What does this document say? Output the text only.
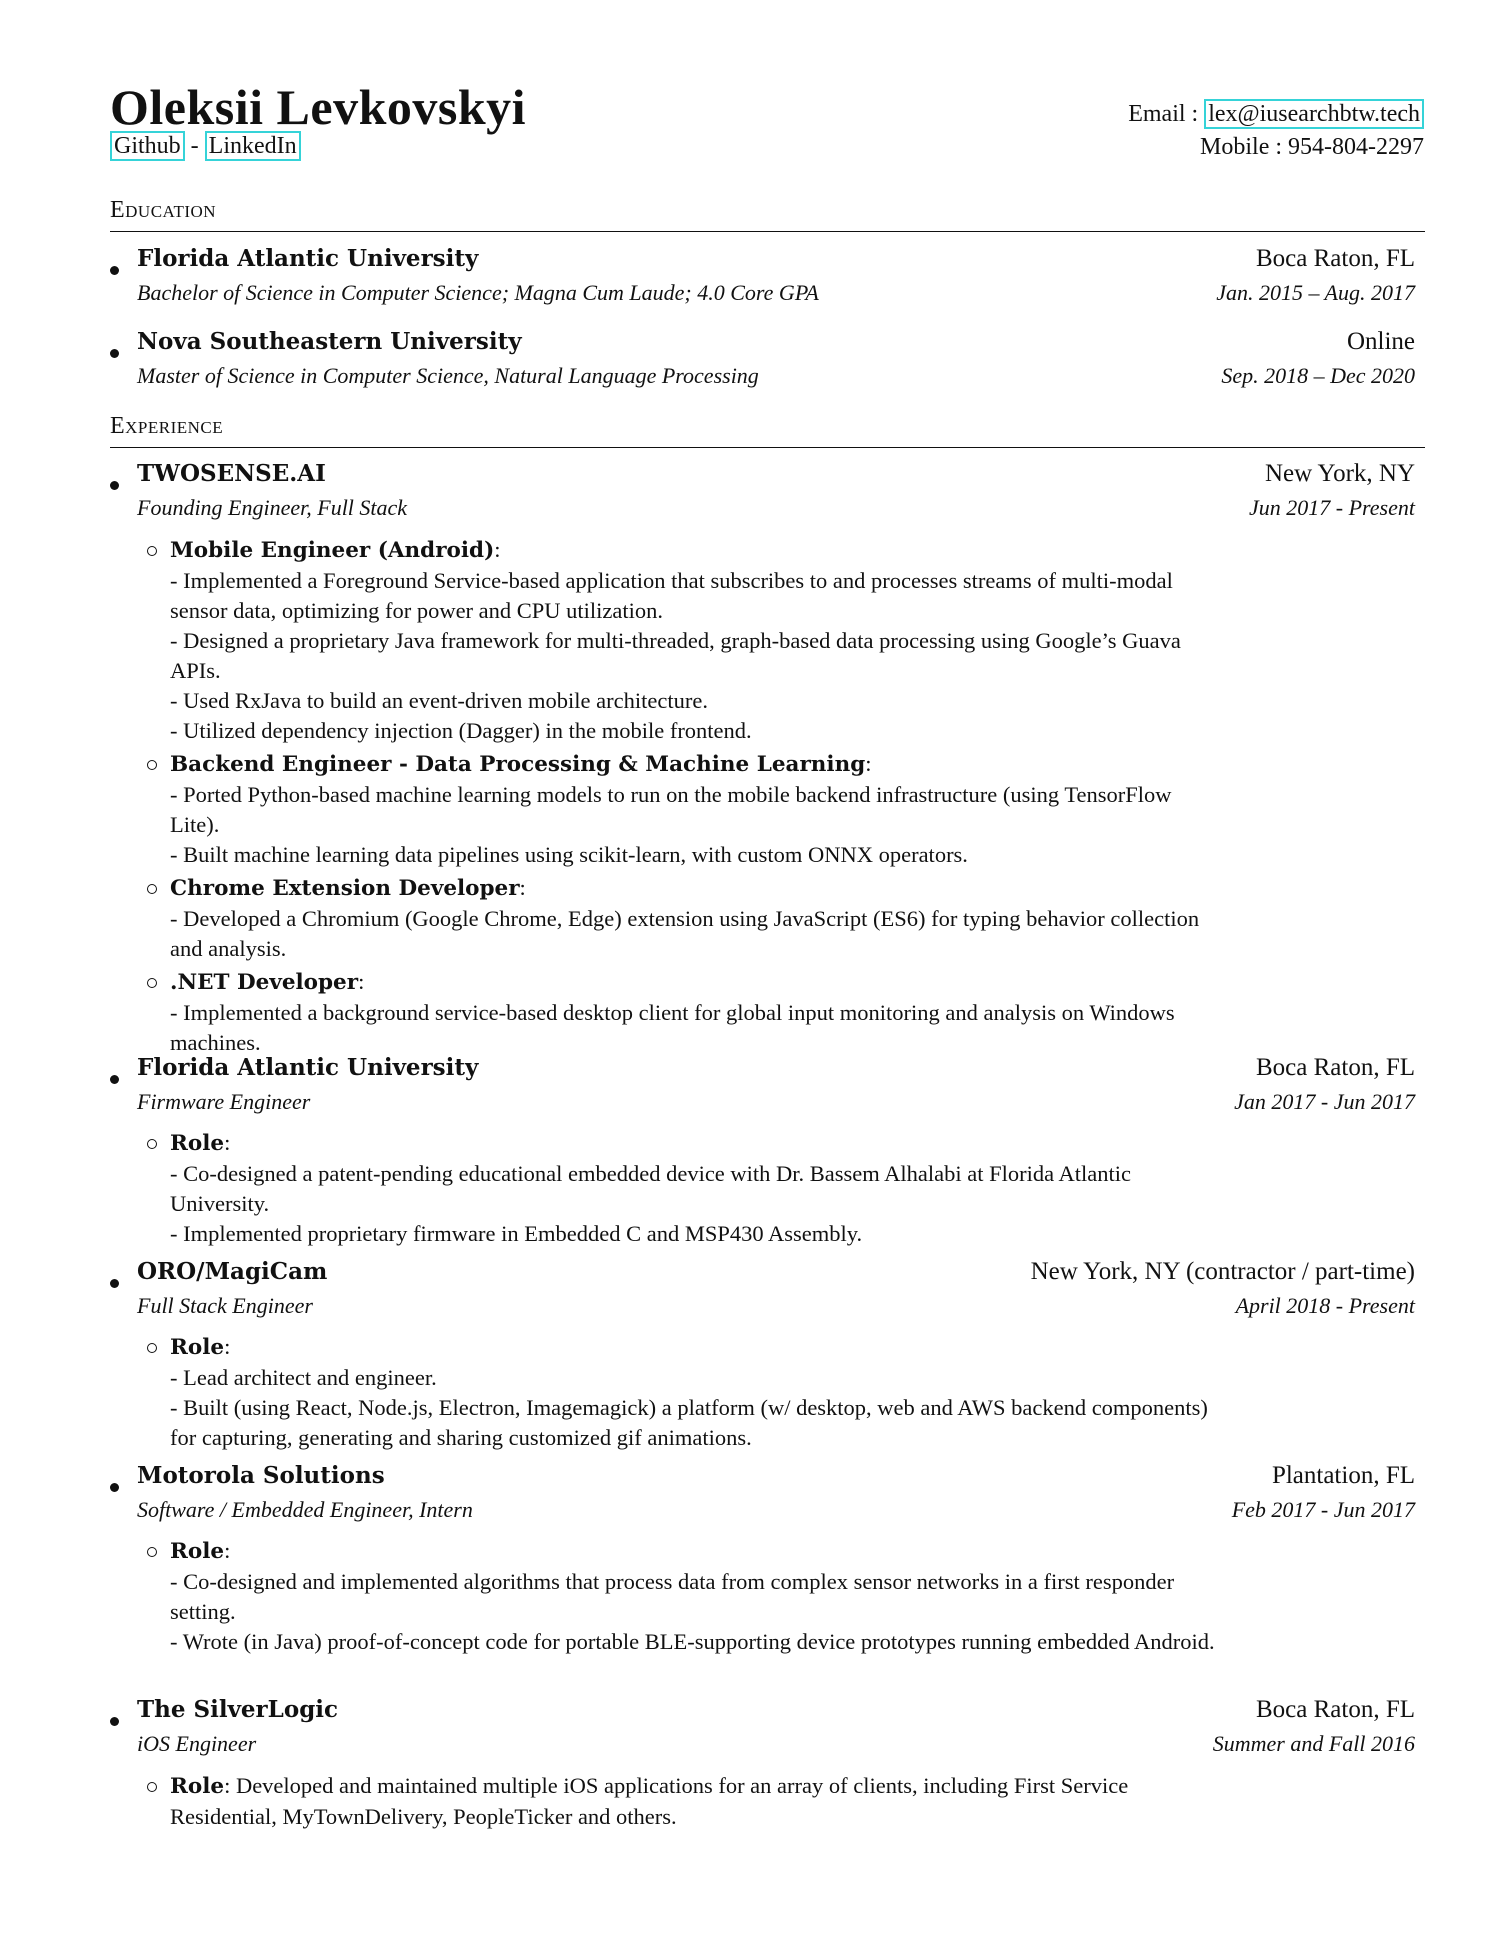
Oleksii Levkovskyi
Github - LinkedIn
Email : lex@iusearchbtw.tech
Mobile : 954-804-2297
Education
Florida Atlantic University	Boca Raton, FL
Bachelor of Science in Computer Science; Magna Cum Laude; 4.0 Core GPA	Jan. 2015 – Aug. 2017
Nova Southeastern University	Online
Master of Science in Computer Science, Natural Language Processing	Sep. 2018 – Dec 2020
Experience
TWOSENSE.AI	New York, NY
Founding Engineer, Full Stack	Jun 2017 - Present
Mobile Engineer (Android):
- Implemented a Foreground Service-based application that subscribes to and processes streams of multi-modal
sensor data, optimizing for power and CPU utilization.
- Designed a proprietary Java framework for multi-threaded, graph-based data processing using Google’s Guava
APIs.
- Used RxJava to build an event-driven mobile architecture.
- Utilized dependency injection (Dagger) in the mobile frontend.
Backend Engineer - Data Processing & Machine Learning:
- Ported Python-based machine learning models to run on the mobile backend infrastructure (using TensorFlow
Lite).
- Built machine learning data pipelines using scikit-learn, with custom ONNX operators.
Chrome Extension Developer:
- Developed a Chromium (Google Chrome, Edge) extension using JavaScript (ES6) for typing behavior collection
and analysis.
.NET Developer:
- Implemented a background service-based desktop client for global input monitoring and analysis on Windows
machines.
Florida Atlantic University	Boca Raton, FL
Firmware Engineer	Jan 2017 - Jun 2017
Role:
- Co-designed a patent-pending educational embedded device with Dr. Bassem Alhalabi at Florida Atlantic
University.
- Implemented proprietary firmware in Embedded C and MSP430 Assembly.
ORO/MagiCam	New York, NY (contractor / part-time)
Full Stack Engineer	April 2018 - Present
Role:
- Lead architect and engineer.
- Built (using React, Node.js, Electron, Imagemagick) a platform (w/ desktop, web and AWS backend components)
for capturing, generating and sharing customized gif animations.
Motorola Solutions	Plantation, FL
Software / Embedded Engineer, Intern	Feb 2017 - Jun 2017
Role:
- Co-designed and implemented algorithms that process data from complex sensor networks in a first responder
setting.
- Wrote (in Java) proof-of-concept code for portable BLE-supporting device prototypes running embedded Android.
The SilverLogic	Boca Raton, FL
iOS Engineer	Summer and Fall 2016
Role: Developed and maintained multiple iOS applications for an array of clients, including First Service
Residential, MyTownDelivery, PeopleTicker and others.
